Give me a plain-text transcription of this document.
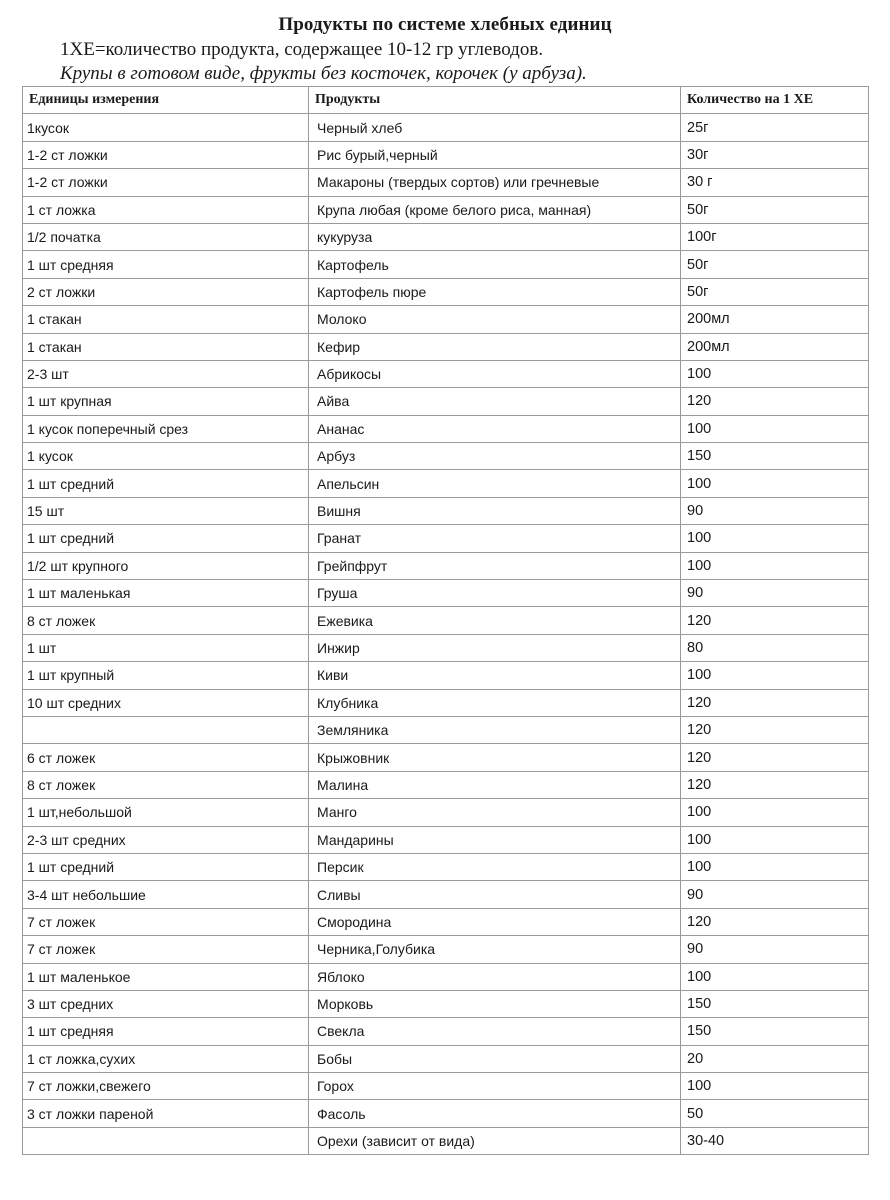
Продукты по системе хлебных единиц
1ХЕ=количество продукта, содержащее 10-12 гр углеводов.
Крупы в готовом виде, фрукты без косточек, корочек (у арбуза).
Единицы измерения	Продукты	Количество на 1 ХЕ
1кусок	Черный хлеб	25г
1-2 ст ложки	Рис бурый,черный	30г
1-2 ст ложки	Макароны (твердых сортов) или гречневые	30 г
1 ст ложка	Крупа любая (кроме белого риса, манная)	50г
1/2 початка	кукуруза	100г
1 шт средняя	Картофель	50г
2 ст ложки	Картофель пюре	50г
1 стакан	Молоко	200мл
1 стакан	Кефир	200мл
2-3 шт	Абрикосы	100
1 шт крупная	Айва	120
1 кусок поперечный срез	Ананас	100
1 кусок	Арбуз	150
1 шт средний	Апельсин	100
15 шт	Вишня	90
1 шт средний	Гранат	100
1/2 шт крупного	Грейпфрут	100
1 шт маленькая	Груша	90
8 ст ложек	Ежевика	120
1 шт	Инжир	80
1 шт крупный	Киви	100
10 шт средних	Клубника	120
	Земляника	120
6 ст ложек	Крыжовник	120
8 ст ложек	Малина	120
1 шт,небольшой	Манго	100
2-3 шт средних	Мандарины	100
1 шт средний	Персик	100
3-4 шт небольшие	Сливы	90
7 ст ложек	Смородина	120
7 ст ложек	Черника,Голубика	90
1 шт маленькое	Яблоко	100
3 шт средних	Морковь	150
1 шт средняя	Свекла	150
1 ст ложка,сухих	Бобы	20
7 ст ложки,свежего	Горох	100
3 ст ложки пареной	Фасоль	50
	Орехи (зависит от вида)	30-40
